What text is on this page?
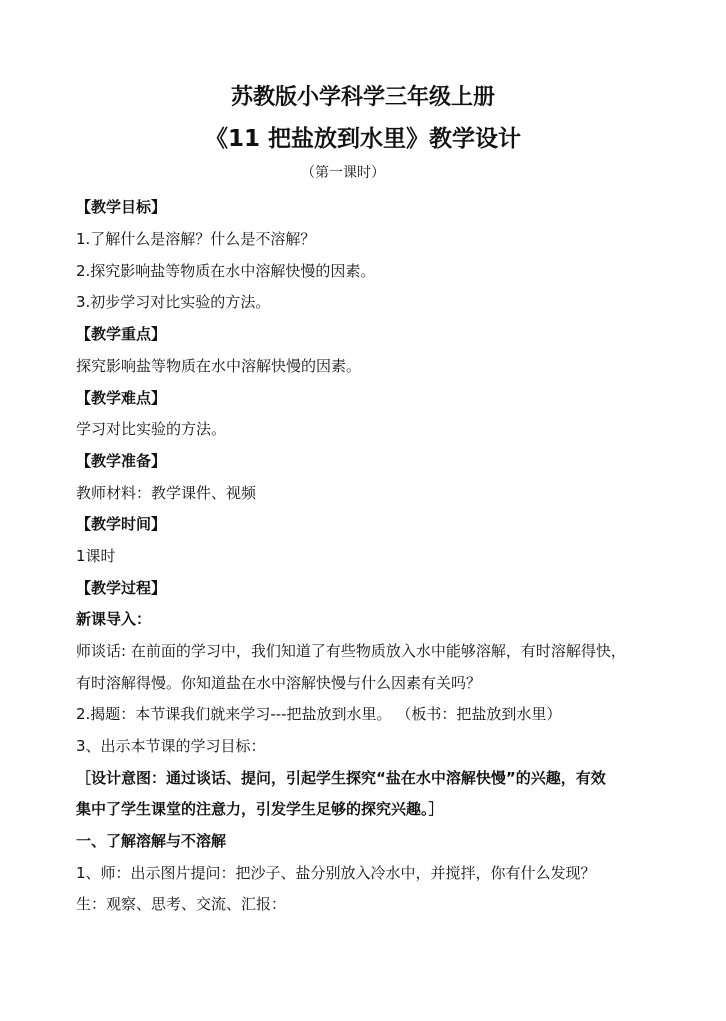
苏教版小学科学三年级上册
《11 把盐放到水里》教学设计
（第一课时）
【教学目标】
1.了解什么是溶解？什么是不溶解？
2.探究影响盐等物质在水中溶解快慢的因素。
3.初步学习对比实验的方法。
【教学重点】
探究影响盐等物质在水中溶解快慢的因素。
【教学难点】
学习对比实验的方法。
【教学准备】
教师材料：教学课件、视频
【教学时间】
1课时
【教学过程】
新课导入：
师谈话: 在前面的学习中，我们知道了有些物质放入水中能够溶解，有时溶解得快，
有时溶解得慢。你知道盐在水中溶解快慢与什么因素有关吗？
2.揭题：本节课我们就来学习---把盐放到水里。 （板书：把盐放到水里）
3、出示本节课的学习目标：
［设计意图：通过谈话、提问，引起学生探究“盐在水中溶解快慢”的兴趣，有效
集中了学生课堂的注意力，引发学生足够的探究兴趣。］
一、了解溶解与不溶解
1、师：出示图片提问：把沙子、盐分别放入冷水中，并搅拌，你有什么发现？
生：观察、思考、交流、汇报：
